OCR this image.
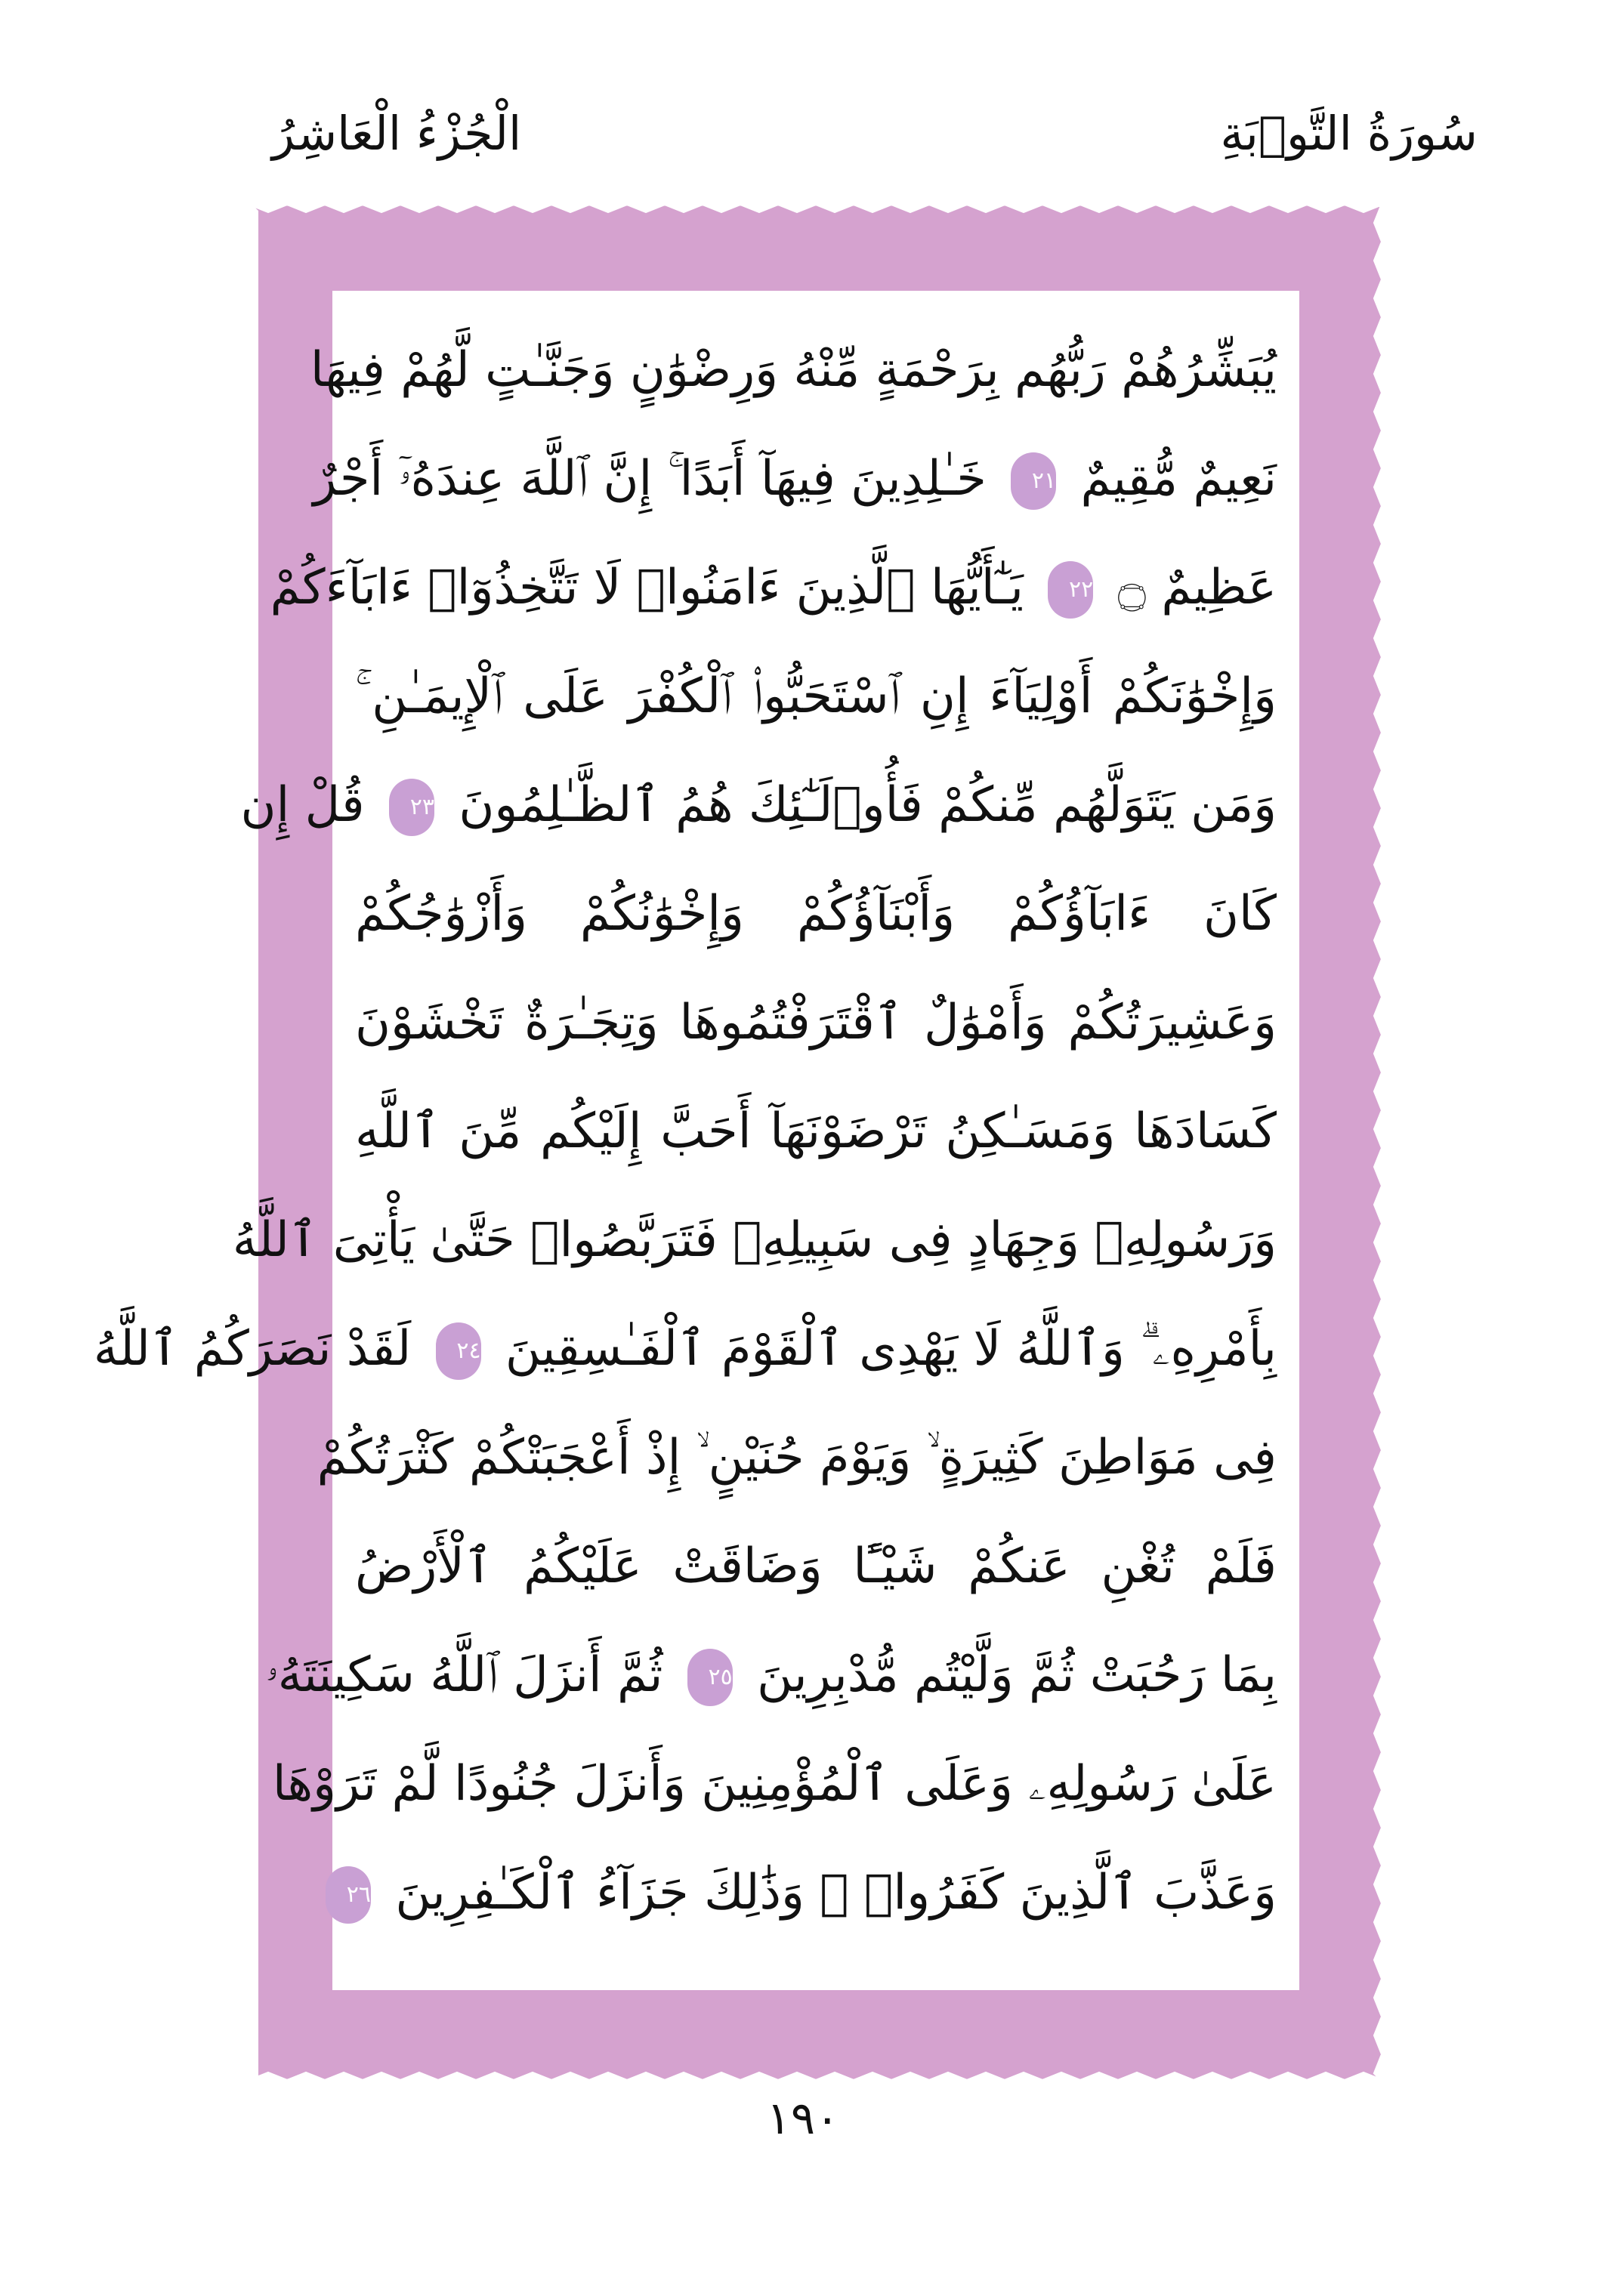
سُورَةُ التَّوۡبَةِ
الْجُزْءُ الْعَاشِرُ
يُبَشِّرُهُمْ رَبُّهُم بِرَحْمَةٍ مِّنْهُ وَرِضْوَٰنٍ وَجَنَّـٰتٍ لَّهُمْ فِيهَا
نَعِيمٌ مُّقِيمٌ ٢١ خَـٰلِدِينَ فِيهَآ أَبَدًا ۚ إِنَّ ٱللَّهَ عِندَهُۥٓ أَجْرٌ
عَظِيمٌ ۝ ٢٢ يَـٰٓأَيُّهَا ٱلَّذِينَ ءَامَنُوا۟ لَا تَتَّخِذُوٓا۟ ءَابَآءَكُمْ
وَإِخْوَٰنَكُمْ أَوْلِيَآءَ إِنِ ٱسْتَحَبُّوا۟ ٱلْكُفْرَ عَلَى ٱلْإِيمَـٰنِ ۚ
وَمَن يَتَوَلَّهُم مِّنكُمْ فَأُو۟لَـٰٓئِكَ هُمُ ٱلظَّـٰلِمُونَ ٢٣ قُلْ إِن
كَانَ ءَابَآؤُكُمْ وَأَبْنَآؤُكُمْ وَإِخْوَٰنُكُمْ وَأَزْوَٰجُكُمْ
وَعَشِيرَتُكُمْ وَأَمْوَٰلٌ ٱقْتَرَفْتُمُوهَا وَتِجَـٰرَةٌ تَخْشَوْنَ
كَسَادَهَا وَمَسَـٰكِنُ تَرْضَوْنَهَآ أَحَبَّ إِلَيْكُم مِّنَ ٱللَّهِ
وَرَسُولِهِۦ وَجِهَادٍ فِى سَبِيلِهِۦ فَتَرَبَّصُوا۟ حَتَّىٰ يَأْتِىَ ٱللَّهُ
بِأَمْرِهِۦ ۗ وَٱللَّهُ لَا يَهْدِى ٱلْقَوْمَ ٱلْفَـٰسِقِينَ ٢٤ لَقَدْ نَصَرَكُمُ ٱللَّهُ
فِى مَوَاطِنَ كَثِيرَةٍ ۙ وَيَوْمَ حُنَيْنٍ ۙ إِذْ أَعْجَبَتْكُمْ كَثْرَتُكُمْ
فَلَمْ تُغْنِ عَنكُمْ شَيْـًٔا وَضَاقَتْ عَلَيْكُمُ ٱلْأَرْضُ
بِمَا رَحُبَتْ ثُمَّ وَلَّيْتُم مُّدْبِرِينَ ٢٥ ثُمَّ أَنزَلَ ٱللَّهُ سَكِينَتَهُۥ
عَلَىٰ رَسُولِهِۦ وَعَلَى ٱلْمُؤْمِنِينَ وَأَنزَلَ جُنُودًا لَّمْ تَرَوْهَا
وَعَذَّبَ ٱلَّذِينَ كَفَرُوا۟ ۚ وَذَٰلِكَ جَزَآءُ ٱلْكَـٰفِرِينَ ٢٦
١٩٠
